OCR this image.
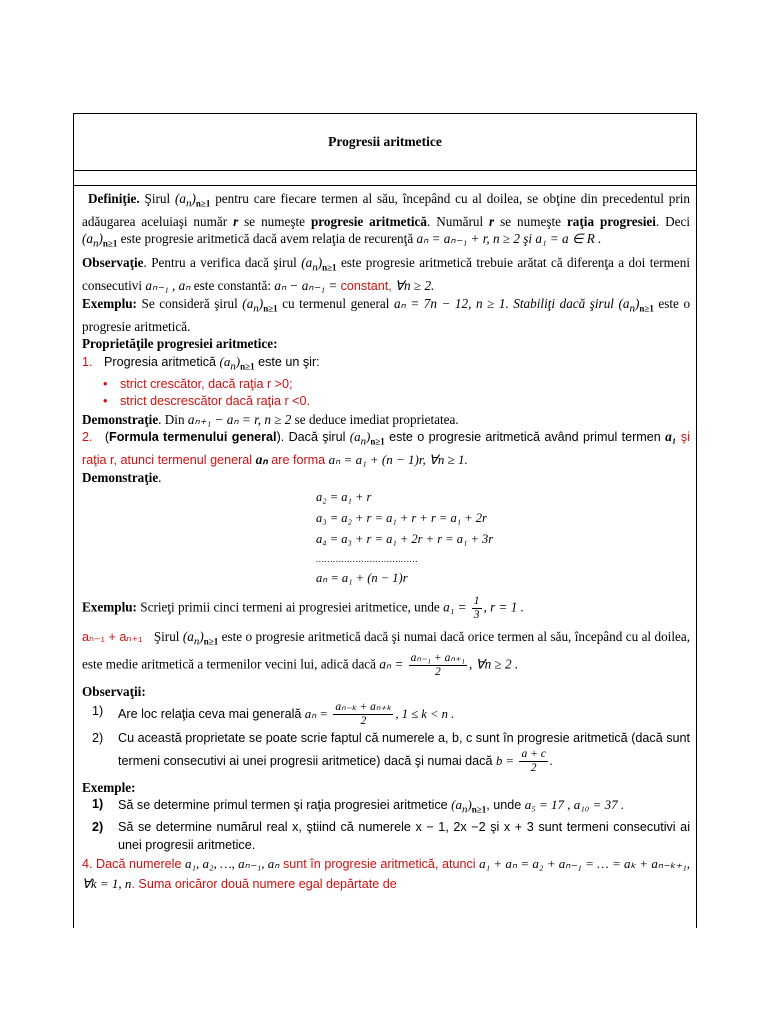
Progresii aritmetice

Definiţie. Şirul $(a_n)_{n\ge 1}$ pentru care fiecare termen al său, începând cu al doilea, se obţine din precedentul prin adăugarea aceluiaşi număr r se numeşte progresie aritmetică. Numărul r se numeşte raţia progresiei. Deci $(a_n)_{n\ge 1}$ este progresie aritmetică dacă avem relaţia de recurenţă aₙ = aₙ₋₁ + r, n ≥ 2 şi a₁ = a ∈ R .

Observaţie. Pentru a verifica dacă şirul $(a_n)_{n\ge 1}$ este progresie aritmetică trebuie arătat că diferenţa a doi termeni consecutivi aₙ₋₁ , aₙ este constantă: aₙ − aₙ₋₁ = constant, ∀n ≥ 2.

Exemplu: Se consideră şirul $(a_n)_{n\ge 1}$ cu termenul general aₙ = 7n − 12, n ≥ 1. Stabiliţi dacă şirul $(a_n)_{n\ge 1}$ este o progresie aritmetică.

Proprietăţile progresiei aritmetice:

1. Progresia aritmetică $(a_n)_{n\ge 1}$ este un şir:

• strict crescător, dacă raţia r >0;
• strict descrescător dacă raţia r <0.

Demonstraţie. Din aₙ₊₁ − aₙ = r, n ≥ 2 se deduce imediat proprietatea.

2. (Formula termenului general). Dacă şirul $(a_n)_{n\ge 1}$ este o progresie aritmetică având primul termen a₁ şi raţia r, atunci termenul general aₙ are forma aₙ = a₁ + (n − 1)r, ∀n ≥ 1.

Demonstraţie.

a₂ = a₁ + r
a₃ = a₂ + r = a₁ + r + r = a₁ + 2r
a₄ = a₃ + r = a₁ + 2r + r = a₁ + 3r
………………………………
aₙ = a₁ + (n − 1)r

Exemplu: Scrieţi primii cinci termeni ai progresiei aritmetice, unde $a_1 = \frac{1}{3}$ , r = 1 .

aₙ₋₁ + aₙ₊₁ Şirul $(a_n)_{n\ge 1}$ este o progresie aritmetică dacă şi numai dacă orice termen al său, începând cu al doilea, este medie aritmetică a termenilor vecini lui, adică dacă $a_n = \frac{\text{aₙ₋₁ + aₙ₊₁}}{2}$ , ∀n ≥ 2 .

Observaţii:

1)	Are loc relaţia ceva mai generală $a_n = \frac{\text{aₙ₋ₖ + aₙ₊ₖ}}{2}$ , 1 ≤ k < n .
2)	Cu această proprietate se poate scrie faptul că numerele a, b, c sunt în progresie aritmetică (dacă sunt termeni consecutivi ai unei progresii aritmetice) dacă şi numai dacă $b = \frac{a + c}{2}$ .

Exemple:

1)	Să se determine primul termen şi raţia progresiei aritmetice $(a_n)_{n\ge 1}$, unde a₅ = 17 , a₁₀ = 37 .
2)	Să se determine numărul real x, ştiind că numerele x − 1, 2x −2 şi x + 3 sunt termeni consecutivi ai unei progresii aritmetice.

4. Dacă numerele a₁, a₂, …, aₙ₋₁, aₙ sunt în progresie aritmetică, atunci a₁ + aₙ = a₂ + aₙ₋₁ = … = aₖ + aₙ₋ₖ₊₁, ∀k = 1, n. Suma oricăror două numere egal depărtate de
